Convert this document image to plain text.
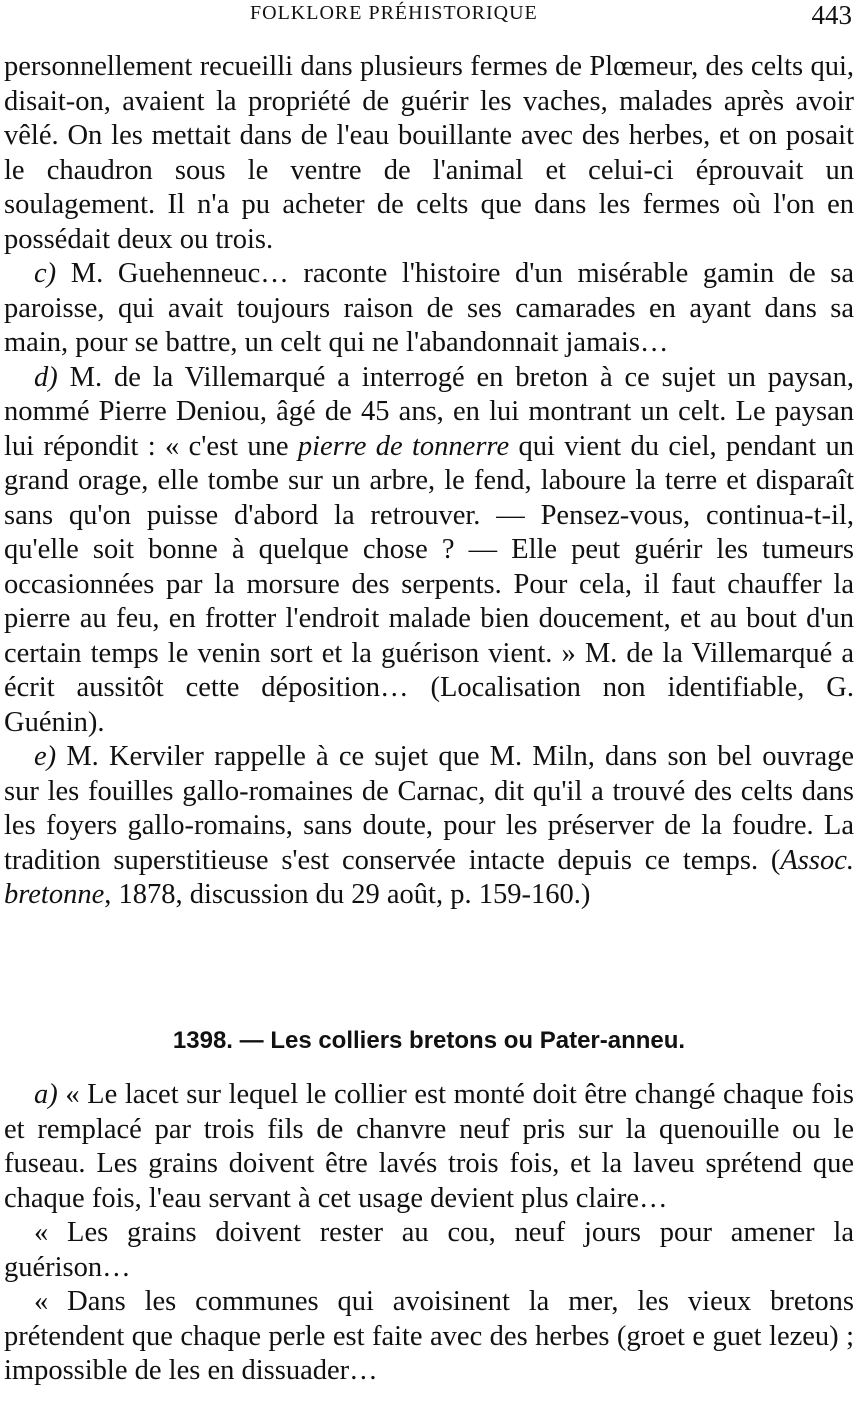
FOLKLORE PRÉHISTORIQUE	443

personnellement recueilli dans plusieurs fermes de Plœmeur, des celts qui, disait-on, avaient la propriété de guérir les vaches, malades après avoir vêlé. On les mettait dans de l'eau bouillante avec des herbes, et on posait le chaudron sous le ventre de l'animal et celui-ci éprouvait un soulagement. Il n'a pu acheter de celts que dans les fermes où l'on en possédait deux ou trois.

c) M. Guehenneuc… raconte l'histoire d'un misérable gamin de sa paroisse, qui avait toujours raison de ses camarades en ayant dans sa main, pour se battre, un celt qui ne l'abandonnait jamais…

d) M. de la Villemarqué a interrogé en breton à ce sujet un paysan, nommé Pierre Deniou, âgé de 45 ans, en lui montrant un celt. Le paysan lui répondit : « c'est une pierre de tonnerre qui vient du ciel, pendant un grand orage, elle tombe sur un arbre, le fend, laboure la terre et disparaît sans qu'on puisse d'abord la retrouver. — Pensez-vous, continua-t-il, qu'elle soit bonne à quelque chose ? — Elle peut guérir les tumeurs occasionnées par la morsure des serpents. Pour cela, il faut chauffer la pierre au feu, en frotter l'endroit malade bien doucement, et au bout d'un certain temps le venin sort et la guérison vient. » M. de la Villemarqué a écrit aussitôt cette déposition… (Localisation non identifiable, G. Guénin).

e) M. Kerviler rappelle à ce sujet que M. Miln, dans son bel ouvrage sur les fouilles gallo-romaines de Carnac, dit qu'il a trouvé des celts dans les foyers gallo-romains, sans doute, pour les préserver de la foudre. La tradition superstitieuse s'est conservée intacte depuis ce temps. (Assoc. bretonne, 1878, discussion du 29 août, p. 159-160.)

1398. — Les colliers bretons ou Pater-anneu.

a) « Le lacet sur lequel le collier est monté doit être changé chaque fois et remplacé par trois fils de chanvre neuf pris sur la quenouille ou le fuseau. Les grains doivent être lavés trois fois, et la laveu sprétend que chaque fois, l'eau servant à cet usage devient plus claire…

« Les grains doivent rester au cou, neuf jours pour amener la guérison…

« Dans les communes qui avoisinent la mer, les vieux bretons prétendent que chaque perle est faite avec des herbes (groet e guet lezeu) ; impossible de les en dissuader…
